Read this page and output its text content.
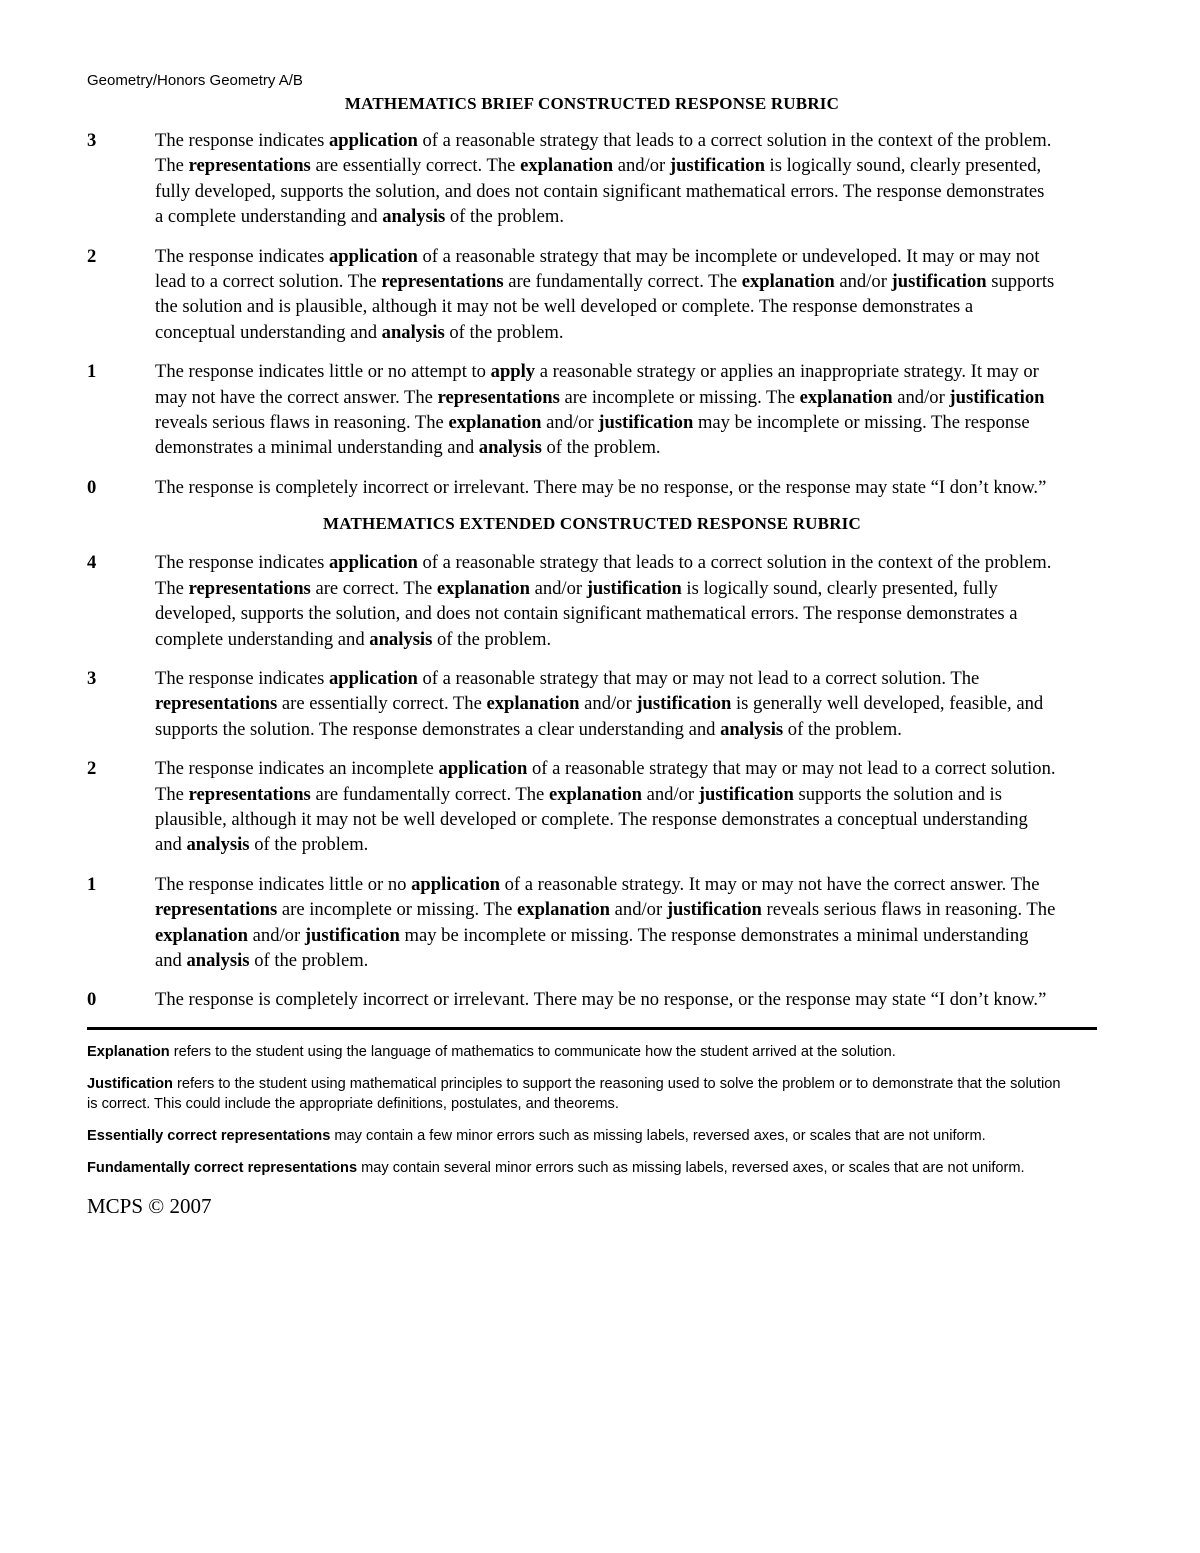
Geometry/Honors Geometry A/B

MATHEMATICS BRIEF CONSTRUCTED RESPONSE RUBRIC
3	The response indicates application of a reasonable strategy that leads to a correct solution in the context of the problem. The representations are essentially correct. The explanation and/or justification is logically sound, clearly presented, fully developed, supports the solution, and does not contain significant mathematical errors. The response demonstrates a complete understanding and analysis of the problem.
2	The response indicates application of a reasonable strategy that may be incomplete or undeveloped. It may or may not lead to a correct solution. The representations are fundamentally correct. The explanation and/or justification supports the solution and is plausible, although it may not be well developed or complete. The response demonstrates a conceptual understanding and analysis of the problem.
1	The response indicates little or no attempt to apply a reasonable strategy or applies an inappropriate strategy. It may or may not have the correct answer. The representations are incomplete or missing. The explanation and/or justification reveals serious flaws in reasoning. The explanation and/or justification may be incomplete or missing. The response demonstrates a minimal understanding and analysis of the problem.
0	The response is completely incorrect or irrelevant. There may be no response, or the response may state “I don’t know.”
MATHEMATICS EXTENDED CONSTRUCTED RESPONSE RUBRIC
4	The response indicates application of a reasonable strategy that leads to a correct solution in the context of the problem. The representations are correct. The explanation and/or justification is logically sound, clearly presented, fully developed, supports the solution, and does not contain significant mathematical errors. The response demonstrates a complete understanding and analysis of the problem.
3	The response indicates application of a reasonable strategy that may or may not lead to a correct solution. The representations are essentially correct. The explanation and/or justification is generally well developed, feasible, and supports the solution. The response demonstrates a clear understanding and analysis of the problem.
2	The response indicates an incomplete application of a reasonable strategy that may or may not lead to a correct solution. The representations are fundamentally correct. The explanation and/or justification supports the solution and is plausible, although it may not be well developed or complete. The response demonstrates a conceptual understanding and analysis of the problem.
1	The response indicates little or no application of a reasonable strategy. It may or may not have the correct answer. The representations are incomplete or missing. The explanation and/or justification reveals serious flaws in reasoning. The explanation and/or justification may be incomplete or missing. The response demonstrates a minimal understanding and analysis of the problem.
0	The response is completely incorrect or irrelevant. There may be no response, or the response may state “I don’t know.”

Explanation refers to the student using the language of mathematics to communicate how the student arrived at the solution.

Justification refers to the student using mathematical principles to support the reasoning used to solve the problem or to demonstrate that the solution is correct. This could include the appropriate definitions, postulates, and theorems.

Essentially correct representations may contain a few minor errors such as missing labels, reversed axes, or scales that are not uniform.

Fundamentally correct representations may contain several minor errors such as missing labels, reversed axes, or scales that are not uniform.

MCPS © 2007
